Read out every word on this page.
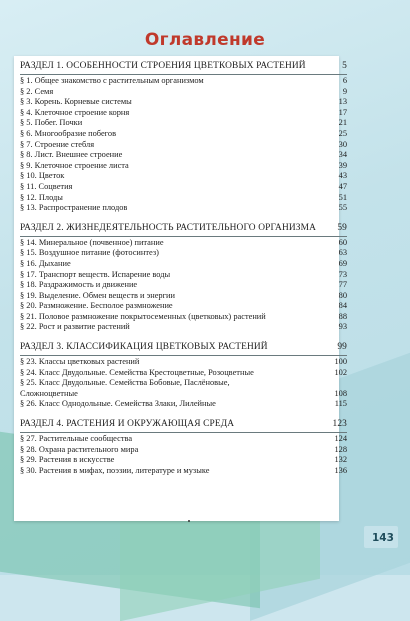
Оглавление
РАЗДЕЛ 1. ОСОБЕННОСТИ СТРОЕНИЯ ЦВЕТКОВЫХ РАСТЕНИЙ	5
§ 1. Общее знакомство с растительным организмом	6
§ 2. Семя	9
§ 3. Корень. Корневые системы	13
§ 4. Клеточное строение корня	17
§ 5. Побег. Почки	21
§ 6. Многообразие побегов	25
§ 7. Строение стебля	30
§ 8. Лист. Внешнее строение	34
§ 9. Клеточное строение листа	39
§ 10. Цветок	43
§ 11. Соцветия	47
§ 12. Плоды	51
§ 13. Распространение плодов	55
РАЗДЕЛ 2. ЖИЗНЕДЕЯТЕЛЬНОСТЬ РАСТИТЕЛЬНОГО ОРГАНИЗМА	59
§ 14. Минеральное (почвенное) питание	60
§ 15. Воздушное питание (фотосинтез)	63
§ 16. Дыхание	69
§ 17. Транспорт веществ. Испарение воды	73
§ 18. Раздражимость и движение	77
§ 19. Выделение. Обмен веществ и энергии	80
§ 20. Размножение. Бесполое размножение	84
§ 21. Половое размножение покрытосеменных (цветковых) растений	88
§ 22. Рост и развитие растений	93
РАЗДЕЛ 3. КЛАССИФИКАЦИЯ ЦВЕТКОВЫХ РАСТЕНИЙ	99
§ 23. Классы цветковых растений	100
§ 24. Класс Двудольные. Семейства Крестоцветные, Розоцветные	102
§ 25. Класс Двудольные. Семейства Бобовые, Паслёновые,
Сложноцветные	108
§ 26. Класс Однодольные. Семейства Злаки, Лилейные	115
РАЗДЕЛ 4. РАСТЕНИЯ И ОКРУЖАЮЩАЯ СРЕДА	123
§ 27. Растительные сообщества	124
§ 28. Охрана растительного мира	128
§ 29. Растения в искусстве	132
§ 30. Растения в мифах, поэзии, литературе и музыке	136
143
